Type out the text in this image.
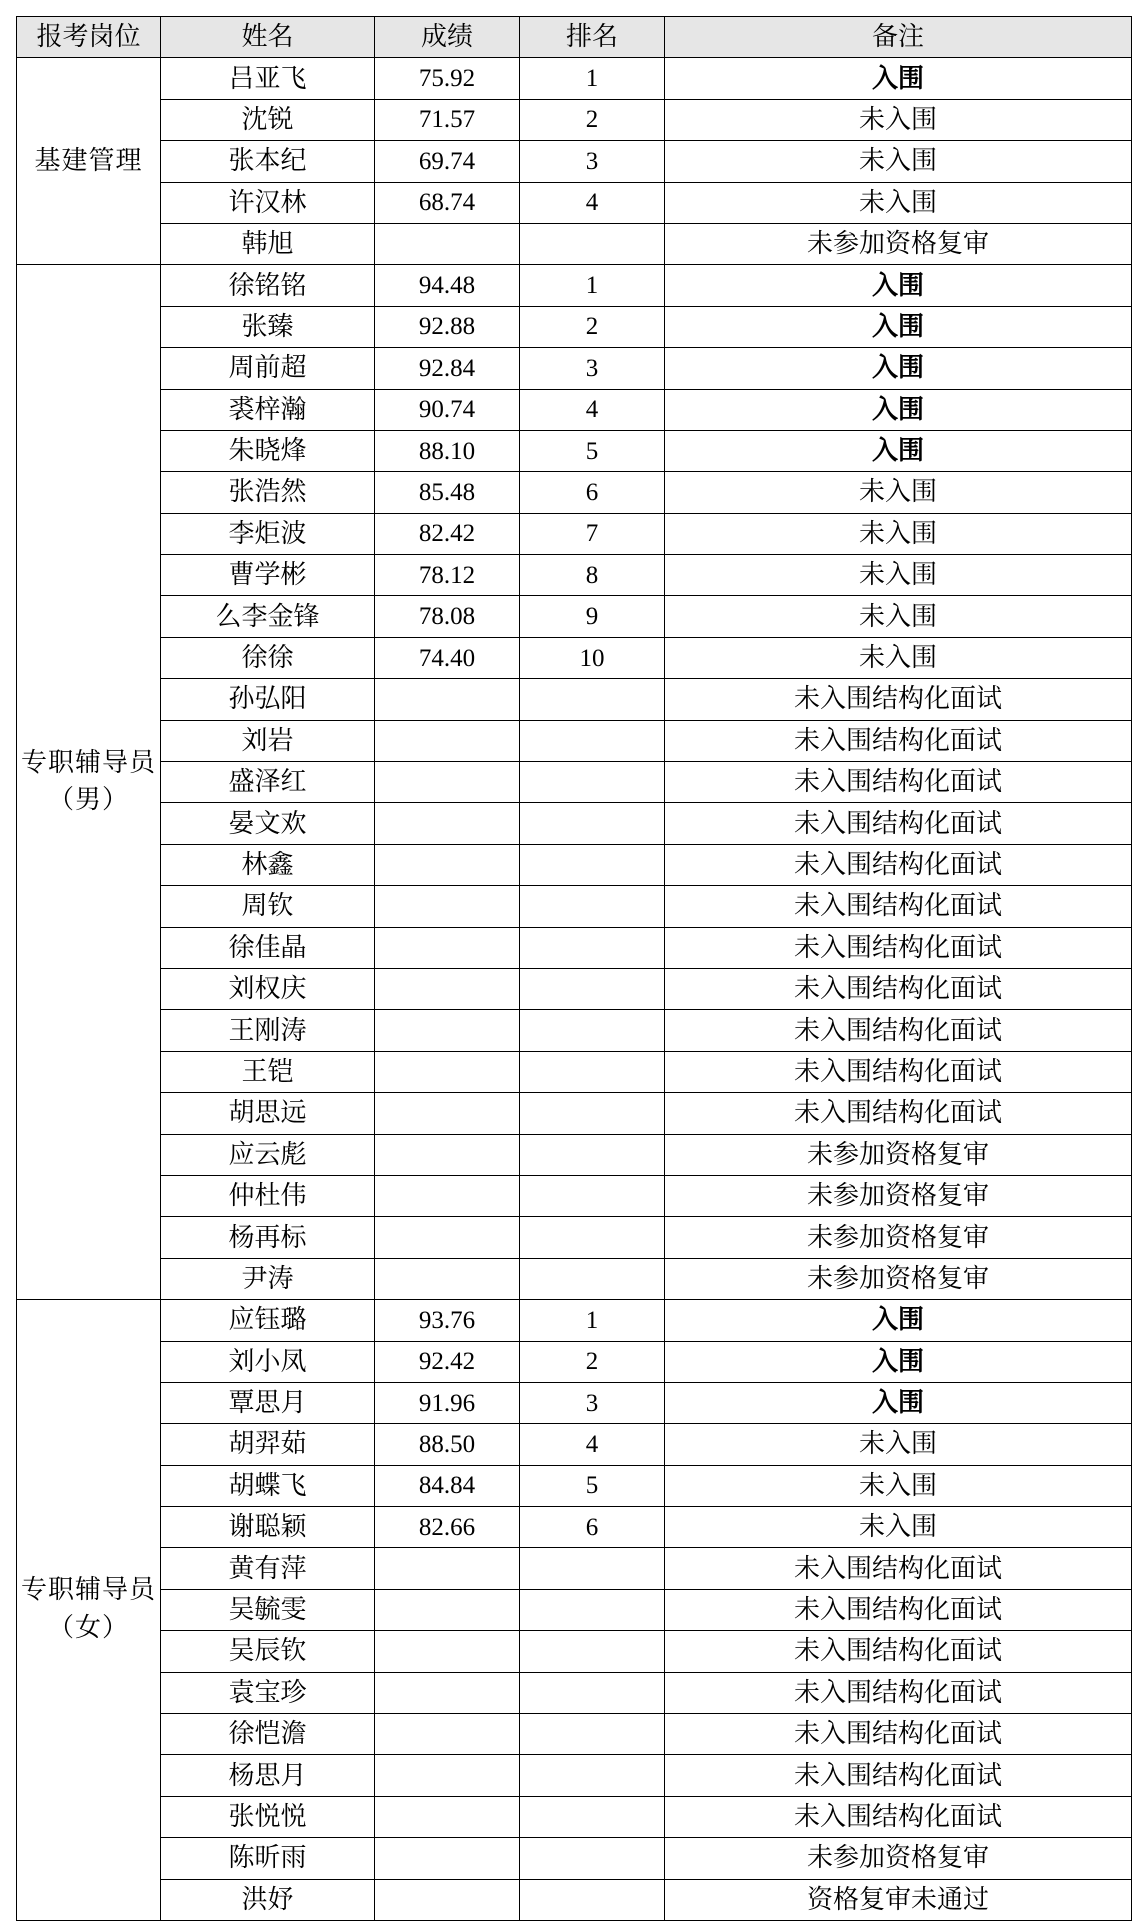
报考岗位	姓名	成绩	排名	备注
基建管理	吕亚飞	75.92	1	入围
	沈锐	71.57	2	未入围
	张本纪	69.74	3	未入围
	许汉林	68.74	4	未入围
	韩旭			未参加资格复审
专职辅导员（男）	徐铭铭	94.48	1	入围
	张臻	92.88	2	入围
	周前超	92.84	3	入围
	裘梓瀚	90.74	4	入围
	朱晓烽	88.10	5	入围
	张浩然	85.48	6	未入围
	李炬波	82.42	7	未入围
	曹学彬	78.12	8	未入围
	么李金锋	78.08	9	未入围
	徐徐	74.40	10	未入围
	孙弘阳			未入围结构化面试
	刘岩			未入围结构化面试
	盛泽红			未入围结构化面试
	晏文欢			未入围结构化面试
	林鑫			未入围结构化面试
	周钦			未入围结构化面试
	徐佳晶			未入围结构化面试
	刘权庆			未入围结构化面试
	王刚涛			未入围结构化面试
	王铠			未入围结构化面试
	胡思远			未入围结构化面试
	应云彪			未参加资格复审
	仲杜伟			未参加资格复审
	杨再标			未参加资格复审
	尹涛			未参加资格复审
专职辅导员（女）	应钰璐	93.76	1	入围
	刘小凤	92.42	2	入围
	覃思月	91.96	3	入围
	胡羿茹	88.50	4	未入围
	胡蝶飞	84.84	5	未入围
	谢聪颖	82.66	6	未入围
	黄有萍			未入围结构化面试
	吴毓雯			未入围结构化面试
	吴辰钦			未入围结构化面试
	袁宝珍			未入围结构化面试
	徐恺澹			未入围结构化面试
	杨思月			未入围结构化面试
	张悦悦			未入围结构化面试
	陈昕雨			未参加资格复审
	洪妤			资格复审未通过
